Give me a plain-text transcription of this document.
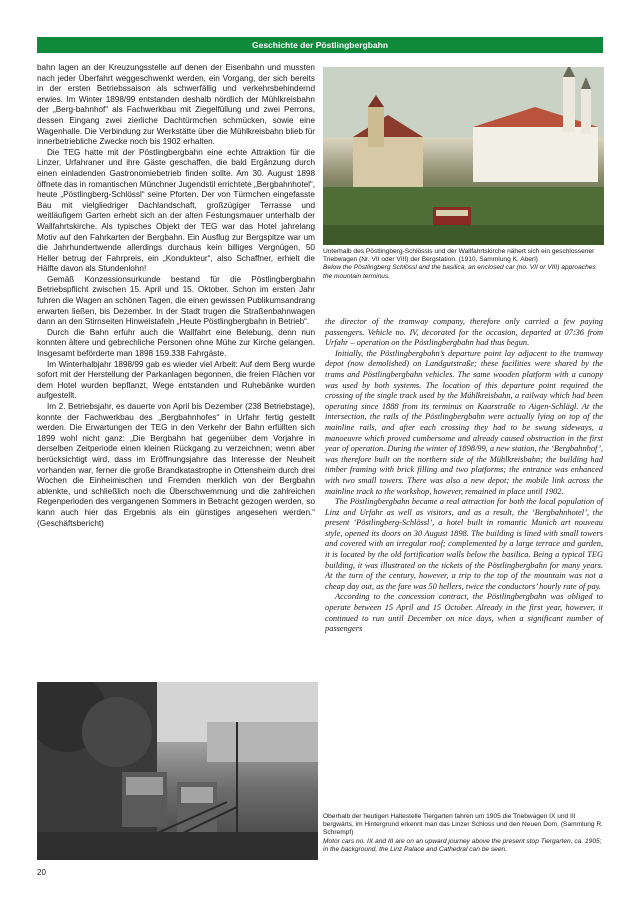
Geschichte der Pöstlingbergbahn

bahn lagen an der Kreuzungsstelle auf denen der Eisenbahn und mussten nach jeder Überfahrt weggeschwenkt werden, ein Vorgang, der sich bereits in der ersten Betriebssaison als schwerfällig und verkehrsbehindernd erwies. Im Winter 1898/99 entstanden deshalb nördlich der Mühlkreisbahn der „Berg-bahnhof“ als Fachwerkbau mit Ziegelfüllung und zwei Perrons, dessen Eingang zwei zierliche Dachtürmchen schmücken, sowie eine Wagenhalle. Die Verbindung zur Werkstätte über die Mühlkreisbahn blieb für innerbetriebliche Zwecke noch bis 1902 erhalten.

Die TEG hatte mit der Pöstlingbergbahn eine echte Attraktion für die Linzer, Urfahraner und ihre Gäste geschaffen, die bald Ergänzung durch einen einladenden Gastronomiebetrieb finden sollte. Am 30. August 1898 öffnete das in romantischen Münchner Jugendstil errichtete „Bergbahnhotel“, heute „Pöstlingberg-Schlössl“ seine Pforten. Der von Türmchen eingefasste Bau mit vielgliedriger Dachlandschaft, großzügiger Terrasse und weitläufigem Garten erhebt sich an der alten Festungsmauer unterhalb der Wallfahrtskirche. Als typisches Objekt der TEG war das Hotel jahrelang Motiv auf den Fahrkarten der Bergbahn. Ein Ausflug zur Bergspitze war um die Jahrhundertwende allerdings durchaus kein billiges Vergnügen, 50 Heller betrug der Fahrpreis, ein „Kondukteur“, also Schaffner, erhielt die Hälfte davon als Stundenlohn!

Gemäß Konzessionsurkunde bestand für die Pöstlingbergbahn Betriebspflicht zwischen 15. April und 15. Oktober. Schon im ersten Jahr fuhren die Wagen an schönen Tagen, die einen gewissen Publikumsandrang erwarten ließen, bis Dezember. In der Stadt trugen die Straßenbahnwagen dann an den Stirnseiten Hinweistafeln „Heute Pöstlingbergbahn in Betrieb“.

Durch die Bahn erfuhr auch die Wallfahrt eine Belebung, denn nun konnten ältere und gebrechliche Personen ohne Mühe zur Kirche gelangen. Insgesamt beförderte man 1898 159.338 Fahrgäste.

Im Winterhalbjahr 1898/99 gab es wieder viel Arbeit: Auf dem Berg wurde sofort mit der Herstellung der Parkanlagen begonnen, die freien Flächen vor dem Hotel wurden bepflanzt, Wege entstanden und Ruhebänke wurden aufgestellt.

Im 2. Betriebsjahr, es dauerte von April bis Dezember (238 Betriebstage), konnte der Fachwerkbau des „Bergbahnhofes“ in Urfahr fertig gestellt werden. Die Erwartungen der TEG in den Verkehr der Bahn erfüllten sich 1899 wohl nicht ganz: „Die Bergbahn hat gegenüber dem Vorjahre in derselben Zeitperiode einen kleinen Rückgang zu verzeichnen; wenn aber berücksichtigt wird, dass im Eröffnungsjahre das Interesse der Neuheit vorhanden war, ferner die große Brandkatastrophe in Ottensheim durch drei Wochen die Einheimischen und Fremden merklich von der Bergbahn ablenkte, und schließlich noch die Überschwemmung und die zahlreichen Regenperioden des vergangenen Sommers in Betracht gezogen werden, so kann auch hier das Ergebnis als ein günstiges angesehen werden.“ (Geschäftsbericht)

Unterhalb des Pöstlingberg-Schlössls und der Wallfahrtskirche nähert sich ein geschlossener Triebwagen (Nr. VII oder VIII) der Bergstation. (1910, Sammlung K. Aberl)
Below the Pöstlingberg Schlössl and the basilica, an enclosed car (no. VII or VIII) approaches the mountain terminus.

the director of the tramway company, therefore only carried a few paying passengers. Vehicle no. IV, decorated for the occasion, departed at 07:36 from Urfahr – operation on the Pöstlingbergbahn had thus begun.

Initially, the Pöstlingbergbahn’s departure point lay adjacent to the tramway depot (now demolished) on Landgutstraße; these facilities were shared by the trams and Pöstlingbergbahn vehicles. The same wooden platform with a canopy was used by both systems. The location of this departure point required the crossing of the single track used by the Mühlkreisbahn, a railway which had been operating since 1888 from its terminus on Kaarstraße to Aigen-Schlägl. At the intersection, the rails of the Pöstlingbergbahn were actually lying on top of the mainline rails, and after each crossing they had to be swung sideways, a manoeuvre which proved cumbersome and already caused obstruction in the first year of operation. During the winter of 1898/99, a new station, the ‘Bergbahnhof’, was therefore built on the northern side of the Mühlkreisbahn; the building had timber framing with brick filling and two platforms; the entrance was enhanced with two small towers. There was also a new depot; the mobile link across the mainline track to the workshop, however, remained in place until 1902.

The Pöstlingbergbahn became a real attraction for both the local population of Linz and Urfahr as well as visitors, and as a result, the ‘Bergbahnhotel’, the present ‘Pöstlingberg-Schlössl’, a hotel built in romantic Munich art nouveau style, opened its doors on 30 August 1898. The building is lined with small towers and covered with an irregular roof; complemented by a large terrace and garden, it is located by the old fortification walls below the basilica. Being a typical TEG building, it was illustrated on the tickets of the Pöstlingbergbahn for many years. At the turn of the century, however, a trip to the top of the mountain was not a cheap day out, as the fare was 50 hellers, twice the conductors’ hourly rate of pay.

According to the concession contract, the Pöstlingbergbahn was obliged to operate between 15 April and 15 October. Already in the first year, however, it continued to run until December on nice days, when a significant number of passengers

Oberhalb der heutigen Haltestelle Tiergarten fahren um 1905 die Triebwagen IX und III bergwärts, im Hintergrund erkennt man das Linzer Schloss und den Neuen Dom. (Sammlung R. Schrempf)
Motor cars no. IX and III are on an upward journey above the present stop Tiergarten, ca. 1905; in the background, the Linz Palace and Cathedral can be seen.
20
